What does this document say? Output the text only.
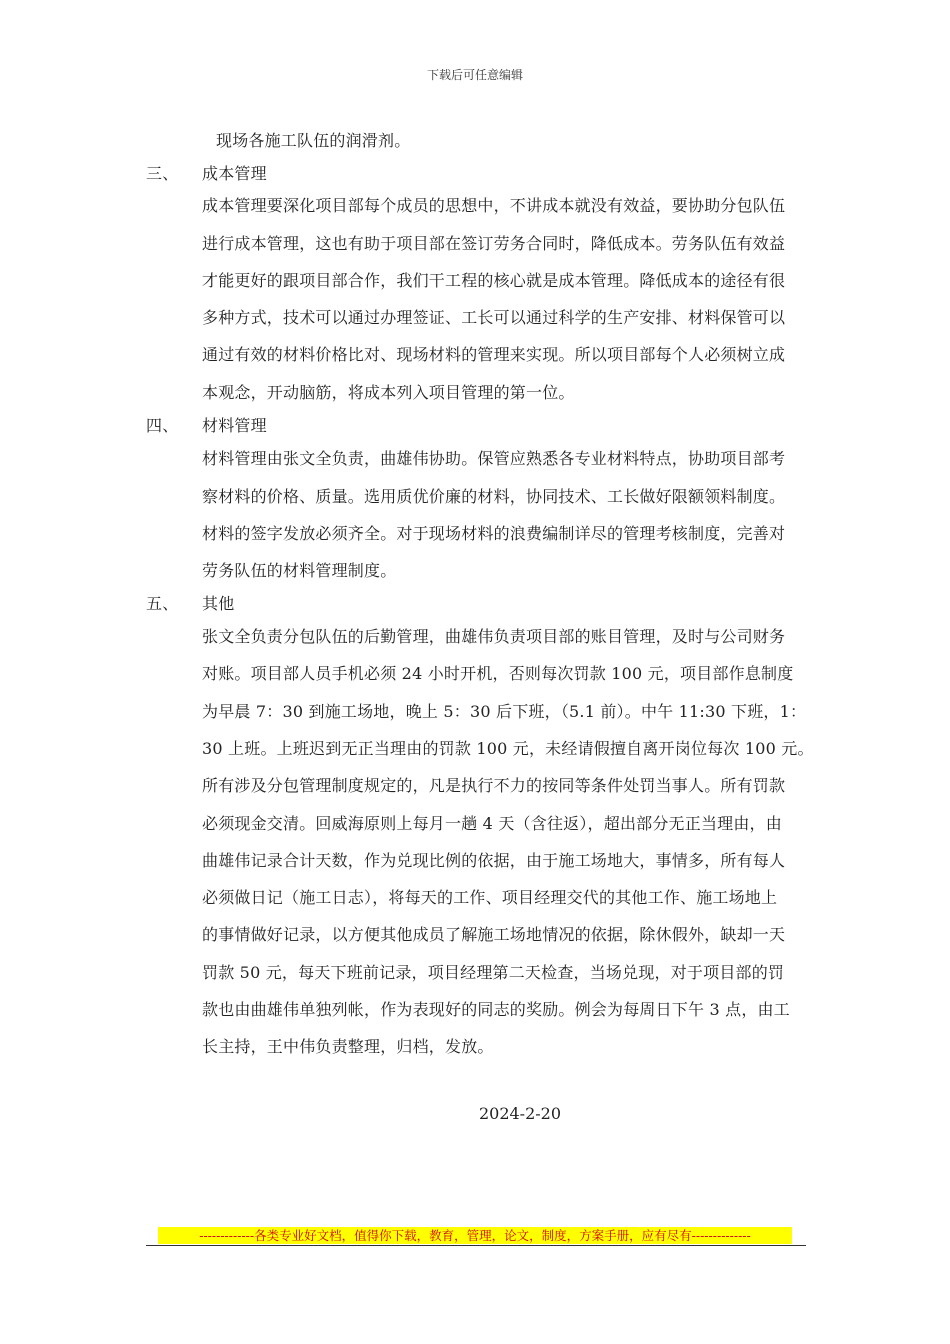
下载后可任意编辑
现场各施工队伍的润滑剂。
三、 成本管理
成本管理要深化项目部每个成员的思想中，不讲成本就没有效益，要协助分包队伍
进行成本管理，这也有助于项目部在签订劳务合同时，降低成本。劳务队伍有效益
才能更好的跟项目部合作，我们干工程的核心就是成本管理。降低成本的途径有很
多种方式，技术可以通过办理签证、工长可以通过科学的生产安排、材料保管可以
通过有效的材料价格比对、现场材料的管理来实现。所以项目部每个人必须树立成
本观念，开动脑筋，将成本列入项目管理的第一位。
四、 材料管理
材料管理由张文全负责，曲雄伟协助。保管应熟悉各专业材料特点，协助项目部考
察材料的价格、质量。选用质优价廉的材料，协同技术、工长做好限额领料制度。
材料的签字发放必须齐全。对于现场材料的浪费编制详尽的管理考核制度，完善对
劳务队伍的材料管理制度。
五、 其他
张文全负责分包队伍的后勤管理，曲雄伟负责项目部的账目管理，及时与公司财务
对账。项目部人员手机必须 24 小时开机，否则每次罚款 100 元，项目部作息制度
为早晨 7：30 到施工场地，晚上 5：30 后下班，（5.1 前）。中午 11:30 下班，1：
30 上班。上班迟到无正当理由的罚款 100 元，未经请假擅自离开岗位每次 100 元。
所有涉及分包管理制度规定的，凡是执行不力的按同等条件处罚当事人。所有罚款
必须现金交清。回威海原则上每月一趟 4 天（含往返），超出部分无正当理由，由
曲雄伟记录合计天数，作为兑现比例的依据，由于施工场地大，事情多，所有每人
必须做日记（施工日志），将每天的工作、项目经理交代的其他工作、施工场地上
的事情做好记录，以方便其他成员了解施工场地情况的依据，除休假外，缺却一天
罚款 50 元，每天下班前记录，项目经理第二天检查，当场兑现，对于项目部的罚
款也由曲雄伟单独列帐，作为表现好的同志的奖励。例会为每周日下午 3 点，由工
长主持，王中伟负责整理，归档，发放。
2024-2-20
-------------各类专业好文档，值得你下载，教育，管理，论文，制度，方案手册，应有尽有--------------
